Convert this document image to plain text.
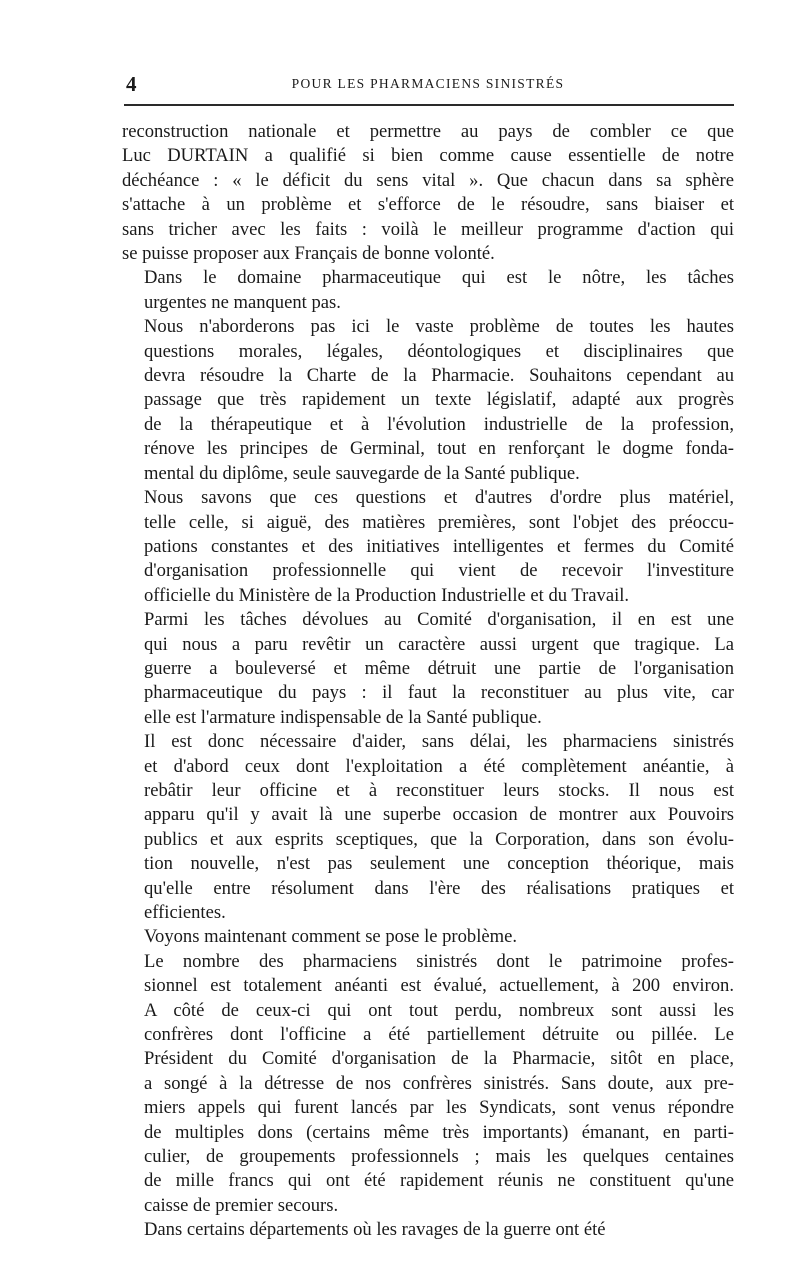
4	POUR LES PHARMACIENS SINISTRÉS
reconstruction nationale et permettre au pays de combler ce que
Luc DURTAIN a qualifié si bien comme cause essentielle de notre
déchéance : « le déficit du sens vital ». Que chacun dans sa sphère
s'attache à un problème et s'efforce de le résoudre, sans biaiser et
sans tricher avec les faits : voilà le meilleur programme d'action qui
se puisse proposer aux Français de bonne volonté.
Dans le domaine pharmaceutique qui est le nôtre, les tâches
urgentes ne manquent pas.
Nous n'aborderons pas ici le vaste problème de toutes les hautes
questions morales, légales, déontologiques et disciplinaires que
devra résoudre la Charte de la Pharmacie. Souhaitons cependant au
passage que très rapidement un texte législatif, adapté aux progrès
de la thérapeutique et à l'évolution industrielle de la profession,
rénove les principes de Germinal, tout en renforçant le dogme fonda-
mental du diplôme, seule sauvegarde de la Santé publique.
Nous savons que ces questions et d'autres d'ordre plus matériel,
telle celle, si aiguë, des matières premières, sont l'objet des préoccu-
pations constantes et des initiatives intelligentes et fermes du Comité
d'organisation professionnelle qui vient de recevoir l'investiture
officielle du Ministère de la Production Industrielle et du Travail.
Parmi les tâches dévolues au Comité d'organisation, il en est une
qui nous a paru revêtir un caractère aussi urgent que tragique. La
guerre a bouleversé et même détruit une partie de l'organisation
pharmaceutique du pays : il faut la reconstituer au plus vite, car
elle est l'armature indispensable de la Santé publique.
Il est donc nécessaire d'aider, sans délai, les pharmaciens sinistrés
et d'abord ceux dont l'exploitation a été complètement anéantie, à
rebâtir leur officine et à reconstituer leurs stocks. Il nous est
apparu qu'il y avait là une superbe occasion de montrer aux Pouvoirs
publics et aux esprits sceptiques, que la Corporation, dans son évolu-
tion nouvelle, n'est pas seulement une conception théorique, mais
qu'elle entre résolument dans l'ère des réalisations pratiques et
efficientes.
Voyons maintenant comment se pose le problème.
Le nombre des pharmaciens sinistrés dont le patrimoine profes-
sionnel est totalement anéanti est évalué, actuellement, à 200 environ.
A côté de ceux-ci qui ont tout perdu, nombreux sont aussi les
confrères dont l'officine a été partiellement détruite ou pillée. Le
Président du Comité d'organisation de la Pharmacie, sitôt en place,
a songé à la détresse de nos confrères sinistrés. Sans doute, aux pre-
miers appels qui furent lancés par les Syndicats, sont venus répondre
de multiples dons (certains même très importants) émanant, en parti-
culier, de groupements professionnels ; mais les quelques centaines
de mille francs qui ont été rapidement réunis ne constituent qu'une
caisse de premier secours.
Dans certains départements où les ravages de la guerre ont été
